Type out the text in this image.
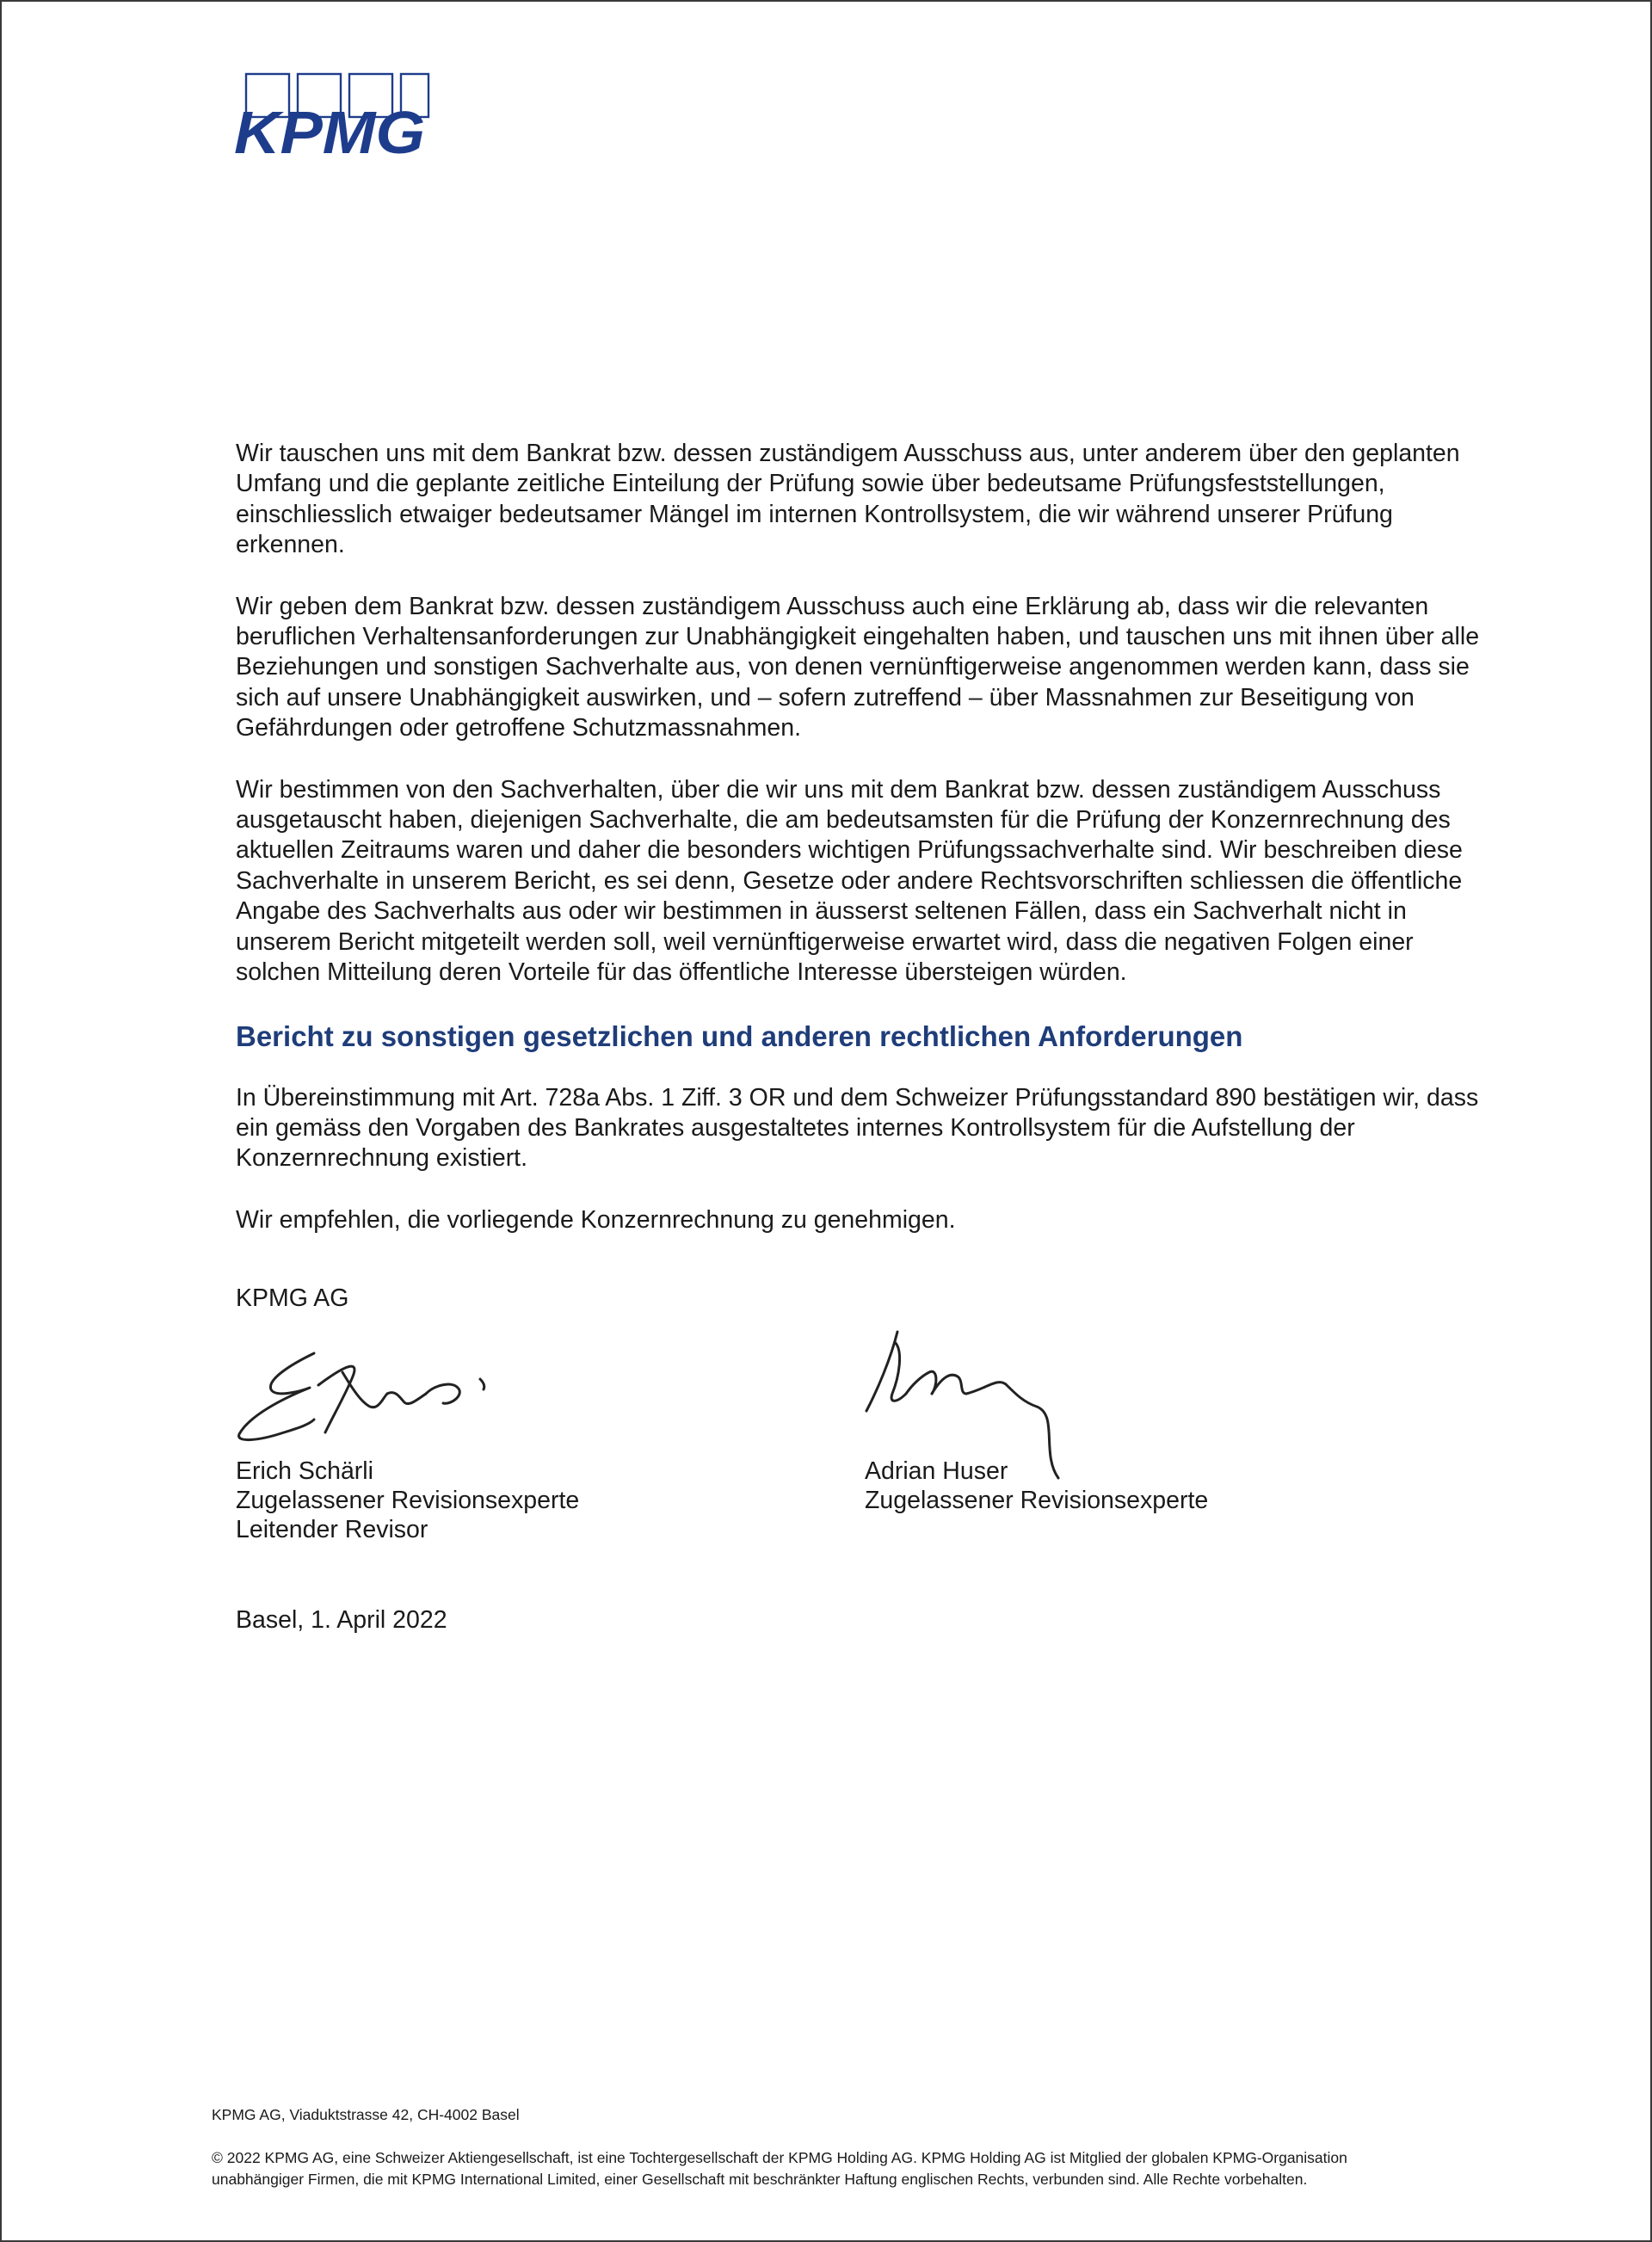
KPMG

Wir tauschen uns mit dem Bankrat bzw. dessen zuständigem Ausschuss aus, unter anderem über den geplanten Umfang und die geplante zeitliche Einteilung der Prüfung sowie über bedeutsame Prüfungsfeststellungen, einschliesslich etwaiger bedeutsamer Mängel im internen Kontrollsystem, die wir während unserer Prüfung erkennen.

Wir geben dem Bankrat bzw. dessen zuständigem Ausschuss auch eine Erklärung ab, dass wir die relevanten beruflichen Verhaltensanforderungen zur Unabhängigkeit eingehalten haben, und tauschen uns mit ihnen über alle Beziehungen und sonstigen Sachverhalte aus, von denen vernünftigerweise angenommen werden kann, dass sie sich auf unsere Unabhängigkeit auswirken, und – sofern zutreffend – über Massnahmen zur Beseitigung von Gefährdungen oder getroffene Schutzmassnahmen.

Wir bestimmen von den Sachverhalten, über die wir uns mit dem Bankrat bzw. dessen zuständigem Ausschuss ausgetauscht haben, diejenigen Sachverhalte, die am bedeutsamsten für die Prüfung der Konzernrechnung des aktuellen Zeitraums waren und daher die besonders wichtigen Prüfungssachverhalte sind. Wir beschreiben diese Sachverhalte in unserem Bericht, es sei denn, Gesetze oder andere Rechtsvorschriften schliessen die öffentliche Angabe des Sachverhalts aus oder wir bestimmen in äusserst seltenen Fällen, dass ein Sachverhalt nicht in unserem Bericht mitgeteilt werden soll, weil vernünftigerweise erwartet wird, dass die negativen Folgen einer solchen Mitteilung deren Vorteile für das öffentliche Interesse übersteigen würden.

Bericht zu sonstigen gesetzlichen und anderen rechtlichen Anforderungen

In Übereinstimmung mit Art. 728a Abs. 1 Ziff. 3 OR und dem Schweizer Prüfungsstandard 890 bestätigen wir, dass ein gemäss den Vorgaben des Bankrates ausgestaltetes internes Kontrollsystem für die Aufstellung der Konzernrechnung existiert.

Wir empfehlen, die vorliegende Konzernrechnung zu genehmigen.

KPMG AG
Erich Schärli
Zugelassener Revisionsexperte
Leitender Revisor
Adrian Huser
Zugelassener Revisionsexperte
Basel, 1. April 2022
KPMG AG, Viaduktstrasse 42, CH-4002 Basel
© 2022 KPMG AG, eine Schweizer Aktiengesellschaft, ist eine Tochtergesellschaft der KPMG Holding AG. KPMG Holding AG ist Mitglied der globalen KPMG-Organisation
unabhängiger Firmen, die mit KPMG International Limited, einer Gesellschaft mit beschränkter Haftung englischen Rechts, verbunden sind. Alle Rechte vorbehalten.
